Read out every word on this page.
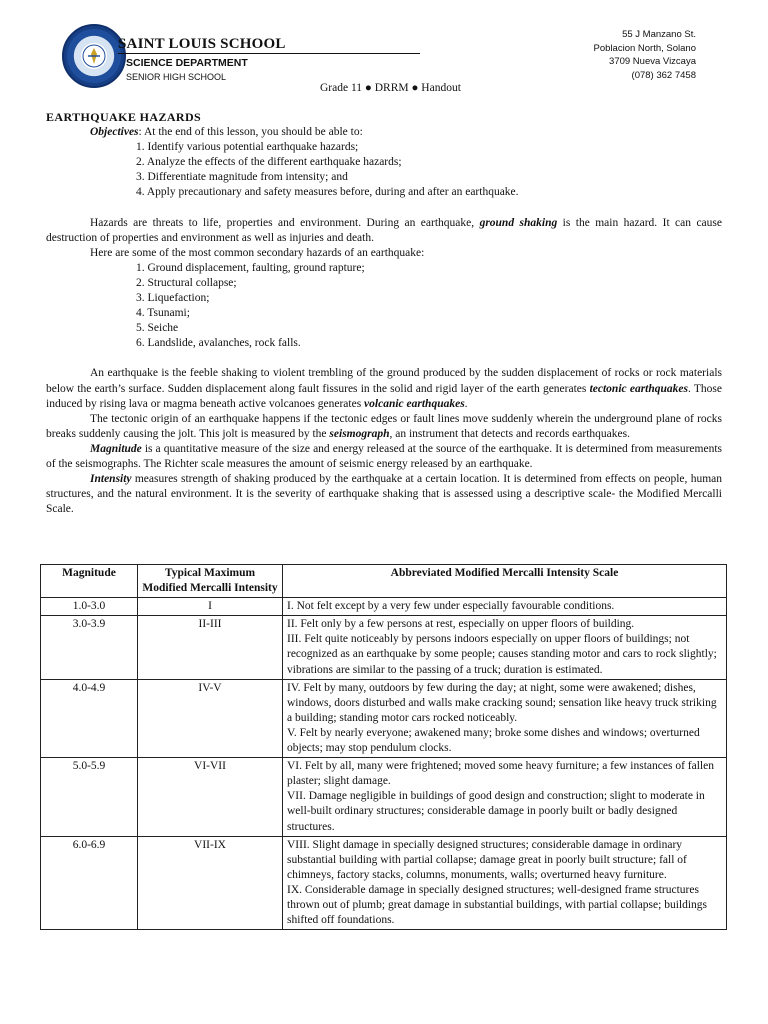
SAINT LOUIS SCHOOL
SCIENCE DEPARTMENT
SENIOR HIGH SCHOOL
55 J Manzano St.
Poblacion North, Solano
3709 Nueva Vizcaya
(078) 362 7458
Grade 11 ● DRRM ● Handout
EARTHQUAKE HAZARDS

Objectives: At the end of this lesson, you should be able to:

1. Identify various potential earthquake hazards;
2. Analyze the effects of the different earthquake hazards;
3. Differentiate magnitude from intensity; and
4. Apply precautionary and safety measures before, during and after an earthquake.

Hazards are threats to life, properties and environment. During an earthquake, ground shaking is the main hazard. It can cause destruction of properties and environment as well as injuries and death.

Here are some of the most common secondary hazards of an earthquake:

1. Ground displacement, faulting, ground rapture;
2. Structural collapse;
3. Liquefaction;
4. Tsunami;
5. Seiche
6. Landslide, avalanches, rock falls.

An earthquake is the feeble shaking to violent trembling of the ground produced by the sudden displacement of rocks or rock materials below the earth’s surface. Sudden displacement along fault fissures in the solid and rigid layer of the earth generates tectonic earthquakes. Those induced by rising lava or magma beneath active volcanoes generates volcanic earthquakes.

The tectonic origin of an earthquake happens if the tectonic edges or fault lines move suddenly wherein the underground plane of rocks breaks suddenly causing the jolt. This jolt is measured by the seismograph, an instrument that detects and records earthquakes.

Magnitude is a quantitative measure of the size and energy released at the source of the earthquake. It is determined from measurements of the seismographs. The Richter scale measures the amount of seismic energy released by an earthquake.

Intensity measures strength of shaking produced by the earthquake at a certain location. It is determined from effects on people, human structures, and the natural environment. It is the severity of earthquake shaking that is assessed using a descriptive scale- the Modified Mercalli Scale.

Magnitude	Typical Maximum Modified Mercalli Intensity	Abbreviated Modified Mercalli Intensity Scale
1.0-3.0	I	I. Not felt except by a very few under especially favourable conditions.

3.0-3.9	II-III	II. Felt only by a few persons at rest, especially on upper floors of building.
III. Felt quite noticeably by persons indoors especially on upper floors of buildings; not recognized as an earthquake by some people; causes standing motor and cars to rock slightly; vibrations are similar to the passing of a truck; duration is estimated.

4.0-4.9	IV-V	IV. Felt by many, outdoors by few during the day; at night, some were awakened; dishes, windows, doors disturbed and walls make cracking sound; sensation like heavy truck striking a building; standing motor cars rocked noticeably.
V. Felt by nearly everyone; awakened many; broke some dishes and windows; overturned objects; may stop pendulum clocks.

5.0-5.9	VI-VII	VI. Felt by all, many were frightened; moved some heavy furniture; a few instances of fallen plaster; slight damage.
VII. Damage negligible in buildings of good design and construction; slight to moderate in well-built ordinary structures; considerable damage in poorly built or badly designed structures.

6.0-6.9	VII-IX	VIII. Slight damage in specially designed structures; considerable damage in ordinary substantial building with partial collapse; damage great in poorly built structure; fall of chimneys, factory stacks, columns, monuments, walls; overturned heavy furniture.
IX. Considerable damage in specially designed structures; well-designed frame structures thrown out of plumb; great damage in substantial buildings, with partial collapse; buildings shifted off foundations.
